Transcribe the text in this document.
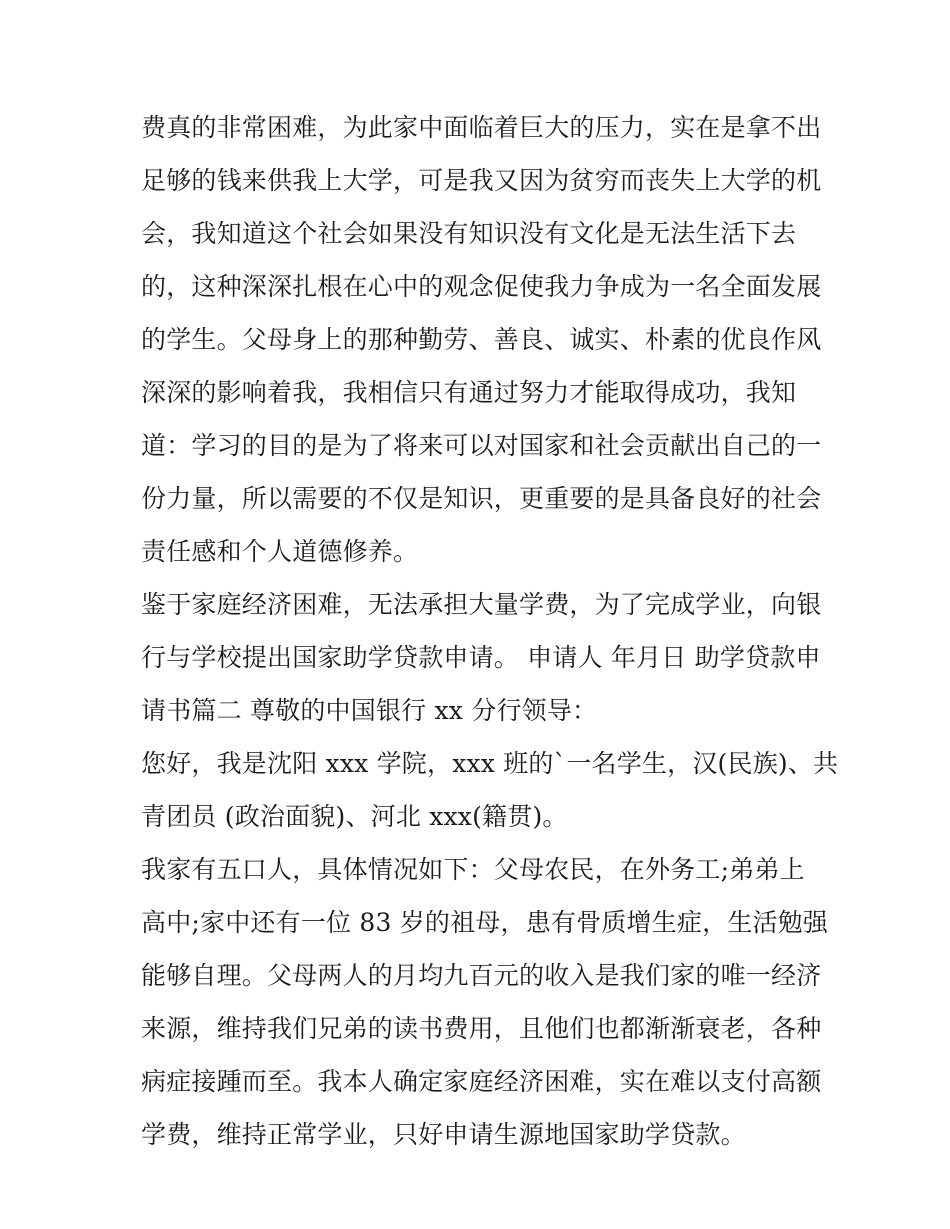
费真的非常困难，为此家中面临着巨大的压力，实在是拿不出
足够的钱来供我上大学，可是我又因为贫穷而丧失上大学的机
会，我知道这个社会如果没有知识没有文化是无法生活下去
的，这种深深扎根在心中的观念促使我力争成为一名全面发展
的学生。父母身上的那种勤劳、善良、诚实、朴素的优良作风
深深的影响着我，我相信只有通过努力才能取得成功，我知
道：学习的目的是为了将来可以对国家和社会贡献出自己的一
份力量，所以需要的不仅是知识，更重要的是具备良好的社会
责任感和个人道德修养。
鉴于家庭经济困难，无法承担大量学费，为了完成学业，向银
行与学校提出国家助学贷款申请。 申请人 年月日 助学贷款申
请书篇二 尊敬的中国银行 xx 分行领导：
您好，我是沈阳 xxx 学院，xxx 班的`一名学生，汉(民族)、共
青团员 (政治面貌)、河北 xxx(籍贯)。
我家有五口人，具体情况如下：父母农民，在外务工;弟弟上
高中;家中还有一位 83 岁的祖母，患有骨质增生症，生活勉强
能够自理。父母两人的月均九百元的收入是我们家的唯一经济
来源，维持我们兄弟的读书费用，且他们也都渐渐衰老，各种
病症接踵而至。我本人确定家庭经济困难，实在难以支付高额
学费，维持正常学业，只好申请生源地国家助学贷款。
